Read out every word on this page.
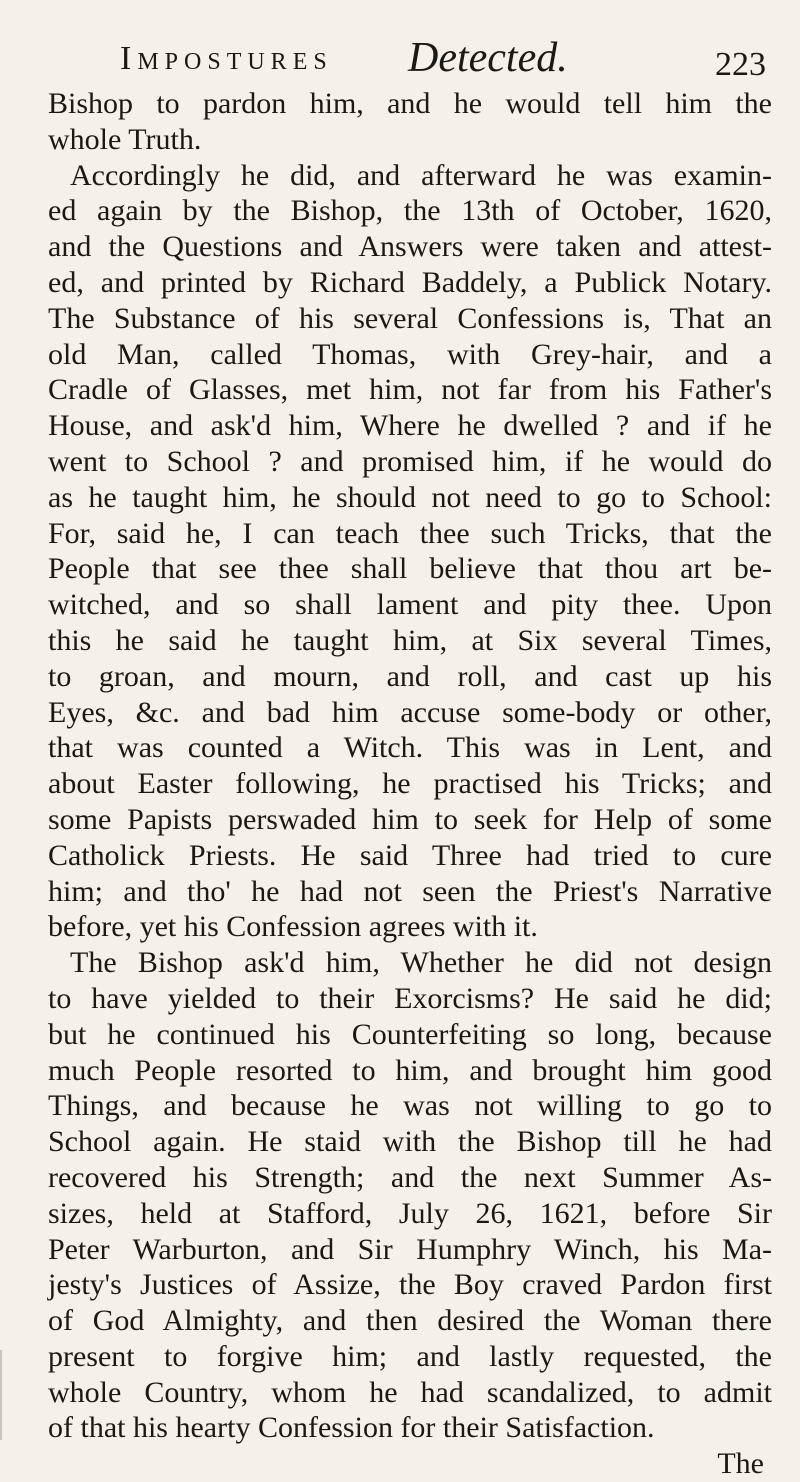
Impostures Detected.	223
Bishop to pardon him, and he would tell him the
whole Truth.
Accordingly he did, and afterward he was examin-
ed again by the Bishop, the 13th of October, 1620,
and the Questions and Answers were taken and attest-
ed, and printed by Richard Baddely, a Publick Notary.
The Substance of his several Confessions is, That an
old Man, called Thomas, with Grey-hair, and a
Cradle of Glasses, met him, not far from his Father's
House, and ask'd him, Where he dwelled ? and if he
went to School ? and promised him, if he would do
as he taught him, he should not need to go to School:
For, said he, I can teach thee such Tricks, that the
People that see thee shall believe that thou art be-
witched, and so shall lament and pity thee. Upon
this he said he taught him, at Six several Times,
to groan, and mourn, and roll, and cast up his
Eyes, &c. and bad him accuse some-body or other,
that was counted a Witch. This was in Lent, and
about Easter following, he practised his Tricks; and
some Papists perswaded him to seek for Help of some
Catholick Priests. He said Three had tried to cure
him; and tho' he had not seen the Priest's Narrative
before, yet his Confession agrees with it.
The Bishop ask'd him, Whether he did not design
to have yielded to their Exorcisms? He said he did;
but he continued his Counterfeiting so long, because
much People resorted to him, and brought him good
Things, and because he was not willing to go to
School again. He staid with the Bishop till he had
recovered his Strength; and the next Summer As-
sizes, held at Stafford, July 26, 1621, before Sir
Peter Warburton, and Sir Humphry Winch, his Ma-
jesty's Justices of Assize, the Boy craved Pardon first
of God Almighty, and then desired the Woman there
present to forgive him; and lastly requested, the
whole Country, whom he had scandalized, to admit
of that his hearty Confession for their Satisfaction.
The
